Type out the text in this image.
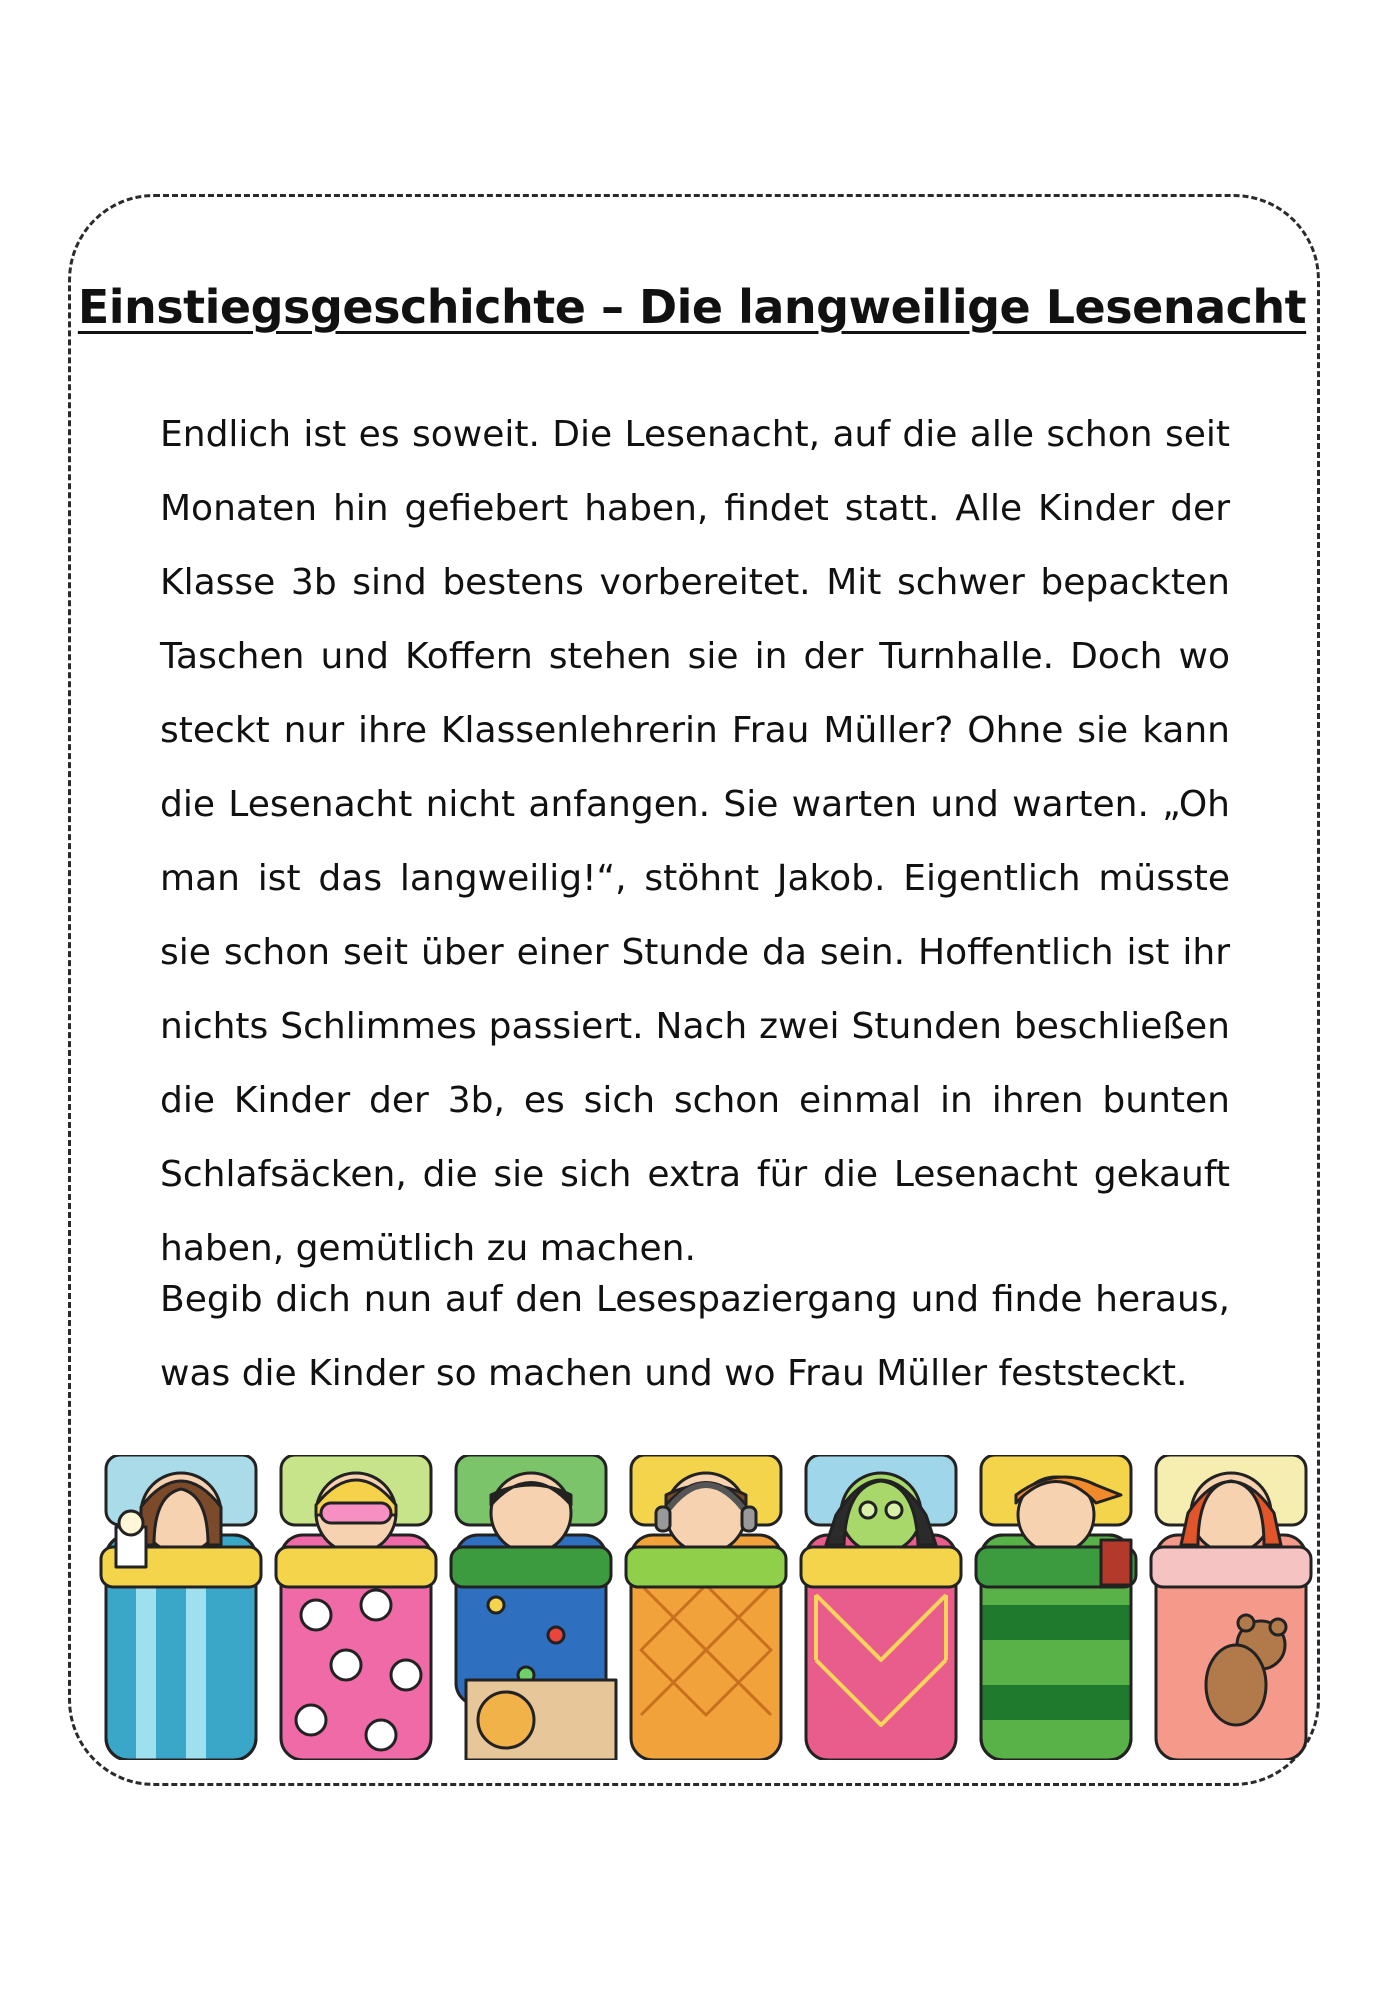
Einstiegsgeschichte – Die langweilige Lesenacht

Endlich ist es soweit. Die Lesenacht, auf die alle schon seit Monaten hin gefiebert haben, findet statt. Alle Kinder der Klasse 3b sind bestens vorbereitet. Mit schwer bepackten Taschen und Koffern stehen sie in der Turnhalle. Doch wo steckt nur ihre Klassenlehrerin Frau Müller? Ohne sie kann die Lesenacht nicht anfangen. Sie warten und warten. „Oh man ist das langweilig!“, stöhnt Jakob. Eigentlich müsste sie schon seit über einer Stunde da sein. Hoffentlich ist ihr nichts Schlimmes passiert. Nach zwei Stunden beschließen die Kinder der 3b, es sich schon einmal in ihren bunten Schlafsäcken, die sie sich extra für die Lesenacht gekauft haben, gemütlich zu machen.

Begib dich nun auf den Lesespaziergang und finde heraus, was die Kinder so machen und wo Frau Müller feststeckt.
